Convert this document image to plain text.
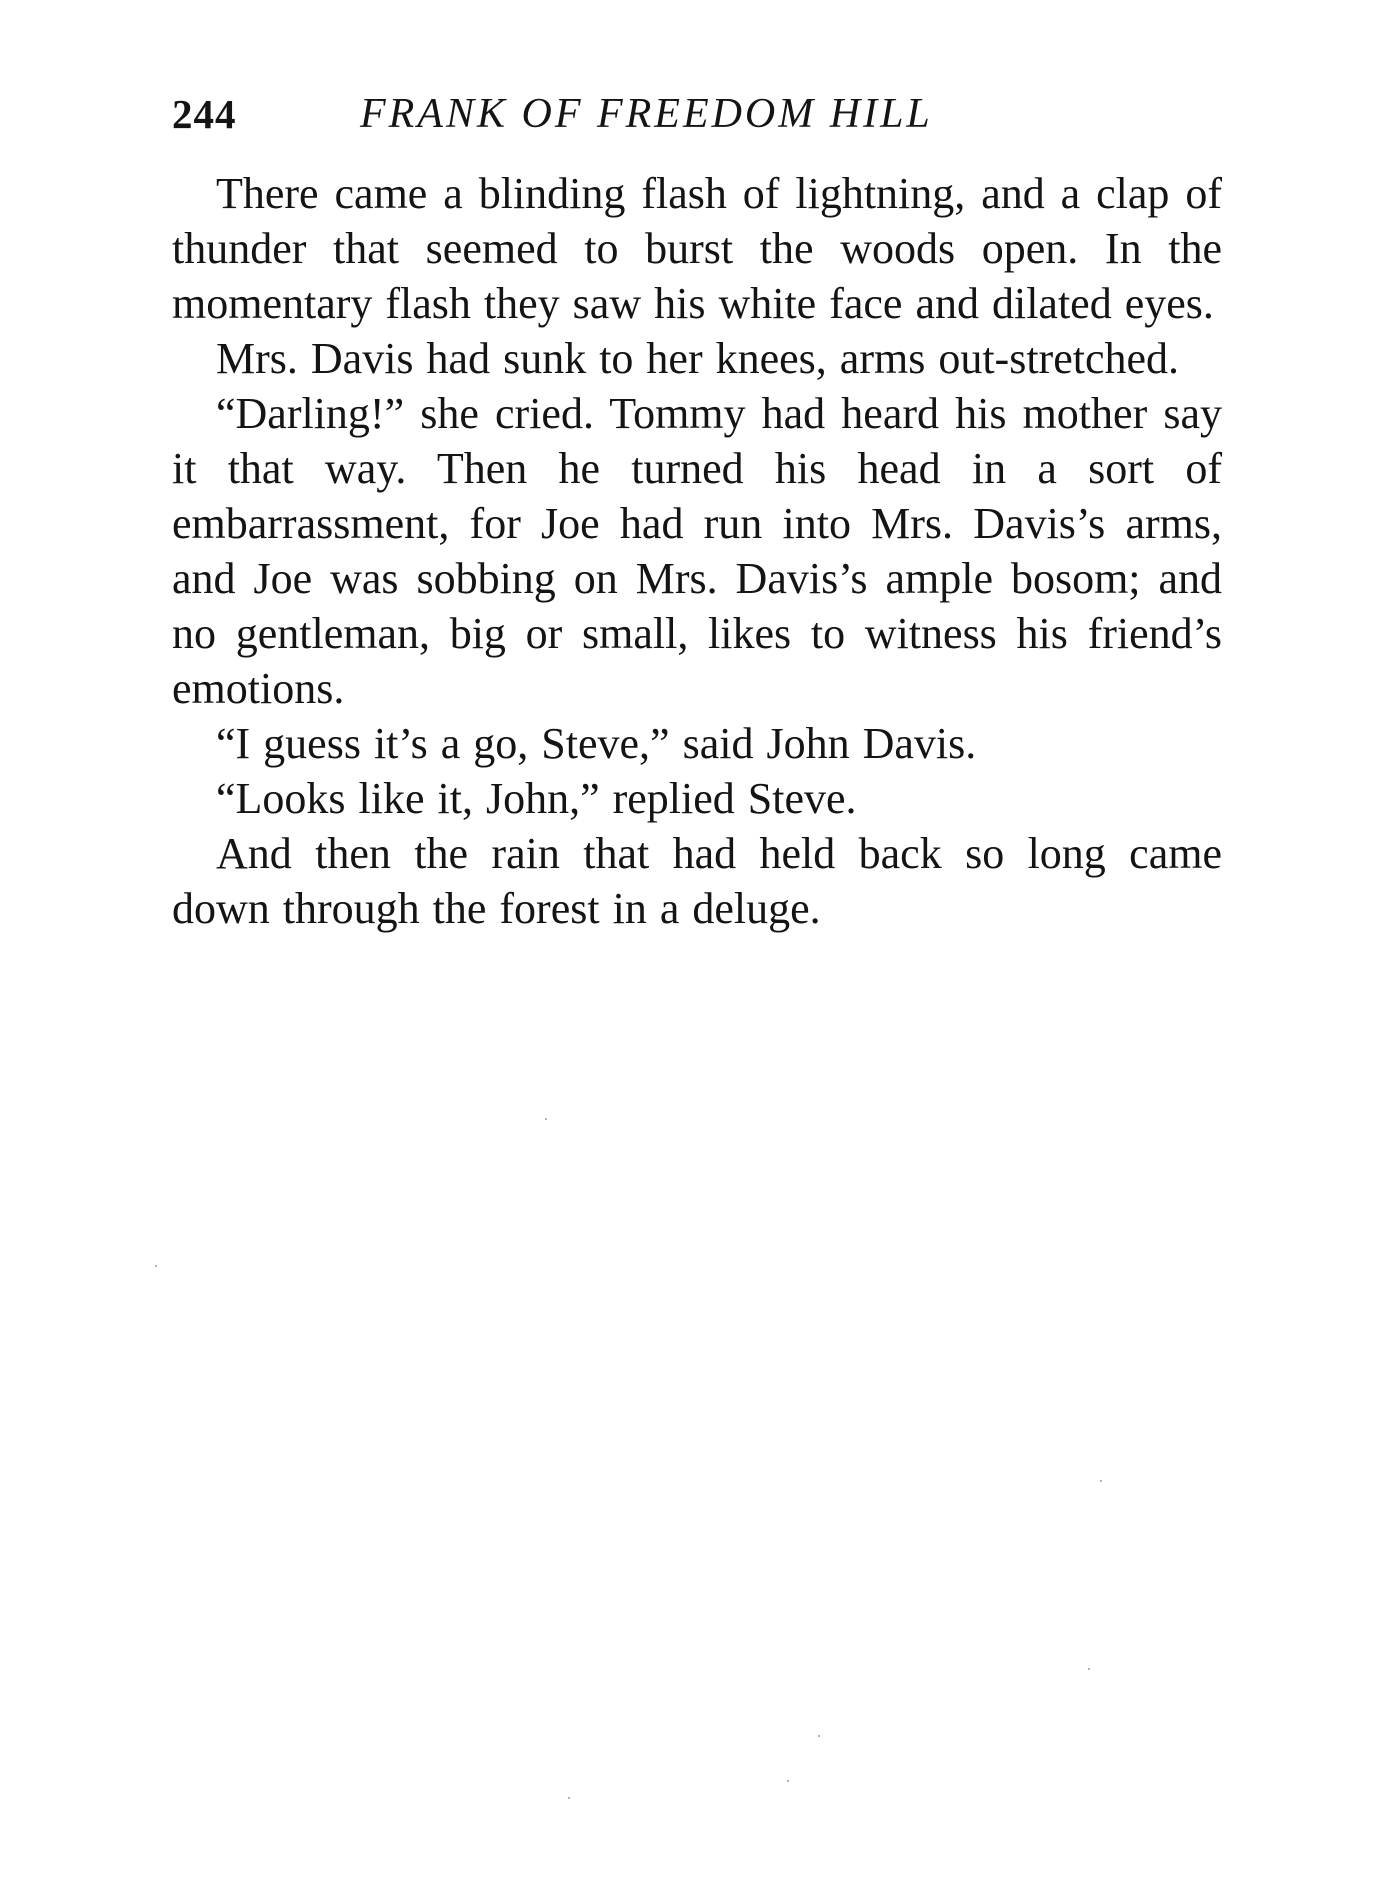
244	FRANK OF FREEDOM HILL

There came a blinding flash of lightning, and a clap of thunder that seemed to burst the woods open. In the momentary flash they saw his white face and dilated eyes.

Mrs. Davis had sunk to her knees, arms out-stretched.

“Darling!” she cried. Tommy had heard his mother say it that way. Then he turned his head in a sort of embarrassment, for Joe had run into Mrs. Davis’s arms, and Joe was sobbing on Mrs. Davis’s ample bosom; and no gentleman, big or small, likes to witness his friend’s emotions.

“I guess it’s a go, Steve,” said John Davis.

“Looks like it, John,” replied Steve.

And then the rain that had held back so long came down through the forest in a deluge.
